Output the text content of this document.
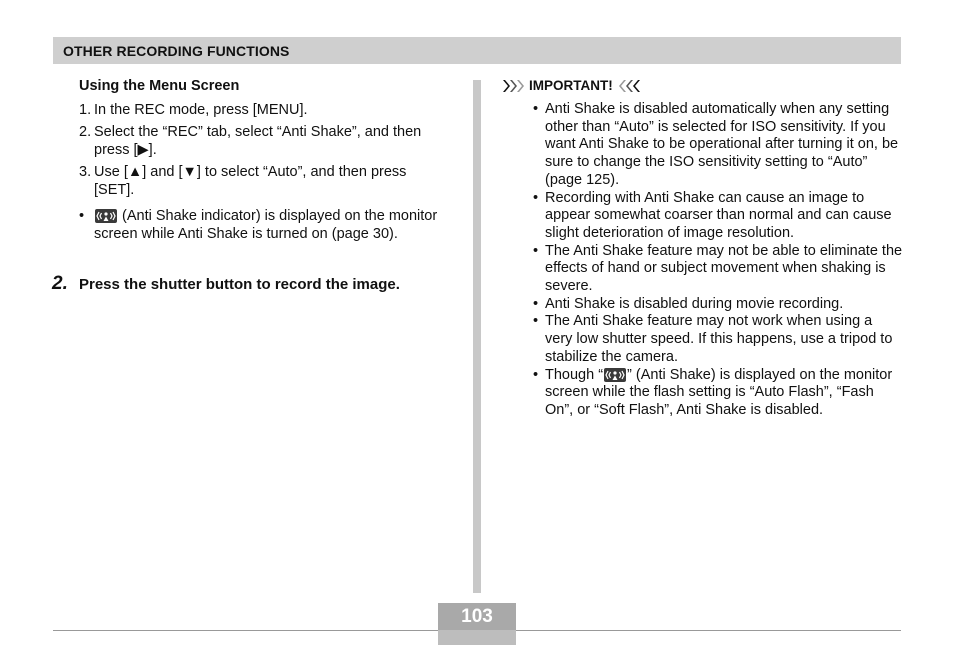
OTHER RECORDING FUNCTIONS
Using the Menu Screen
1. In the REC mode, press [MENU].
2. Select the “REC” tab, select “Anti Shake”, and then press [▶].
3. Use [▲] and [▼] to select “Auto”, and then press [SET].
• (Anti Shake indicator) is displayed on the monitor screen while Anti Shake is turned on (page 30).
2. Press the shutter button to record the image.
IMPORTANT!
• Anti Shake is disabled automatically when any setting other than “Auto” is selected for ISO sensitivity. If you want Anti Shake to be operational after turning it on, be sure to change the ISO sensitivity setting to “Auto” (page 125).
• Recording with Anti Shake can cause an image to appear somewhat coarser than normal and can cause slight deterioration of image resolution.
• The Anti Shake feature may not be able to eliminate the effects of hand or subject movement when shaking is severe.
• Anti Shake is disabled during movie recording.
• The Anti Shake feature may not work when using a very low shutter speed. If this happens, use a tripod to stabilize the camera.
• Though “ ” (Anti Shake) is displayed on the monitor screen while the flash setting is “Auto Flash”, “Fash On”, or “Soft Flash”, Anti Shake is disabled.
103
